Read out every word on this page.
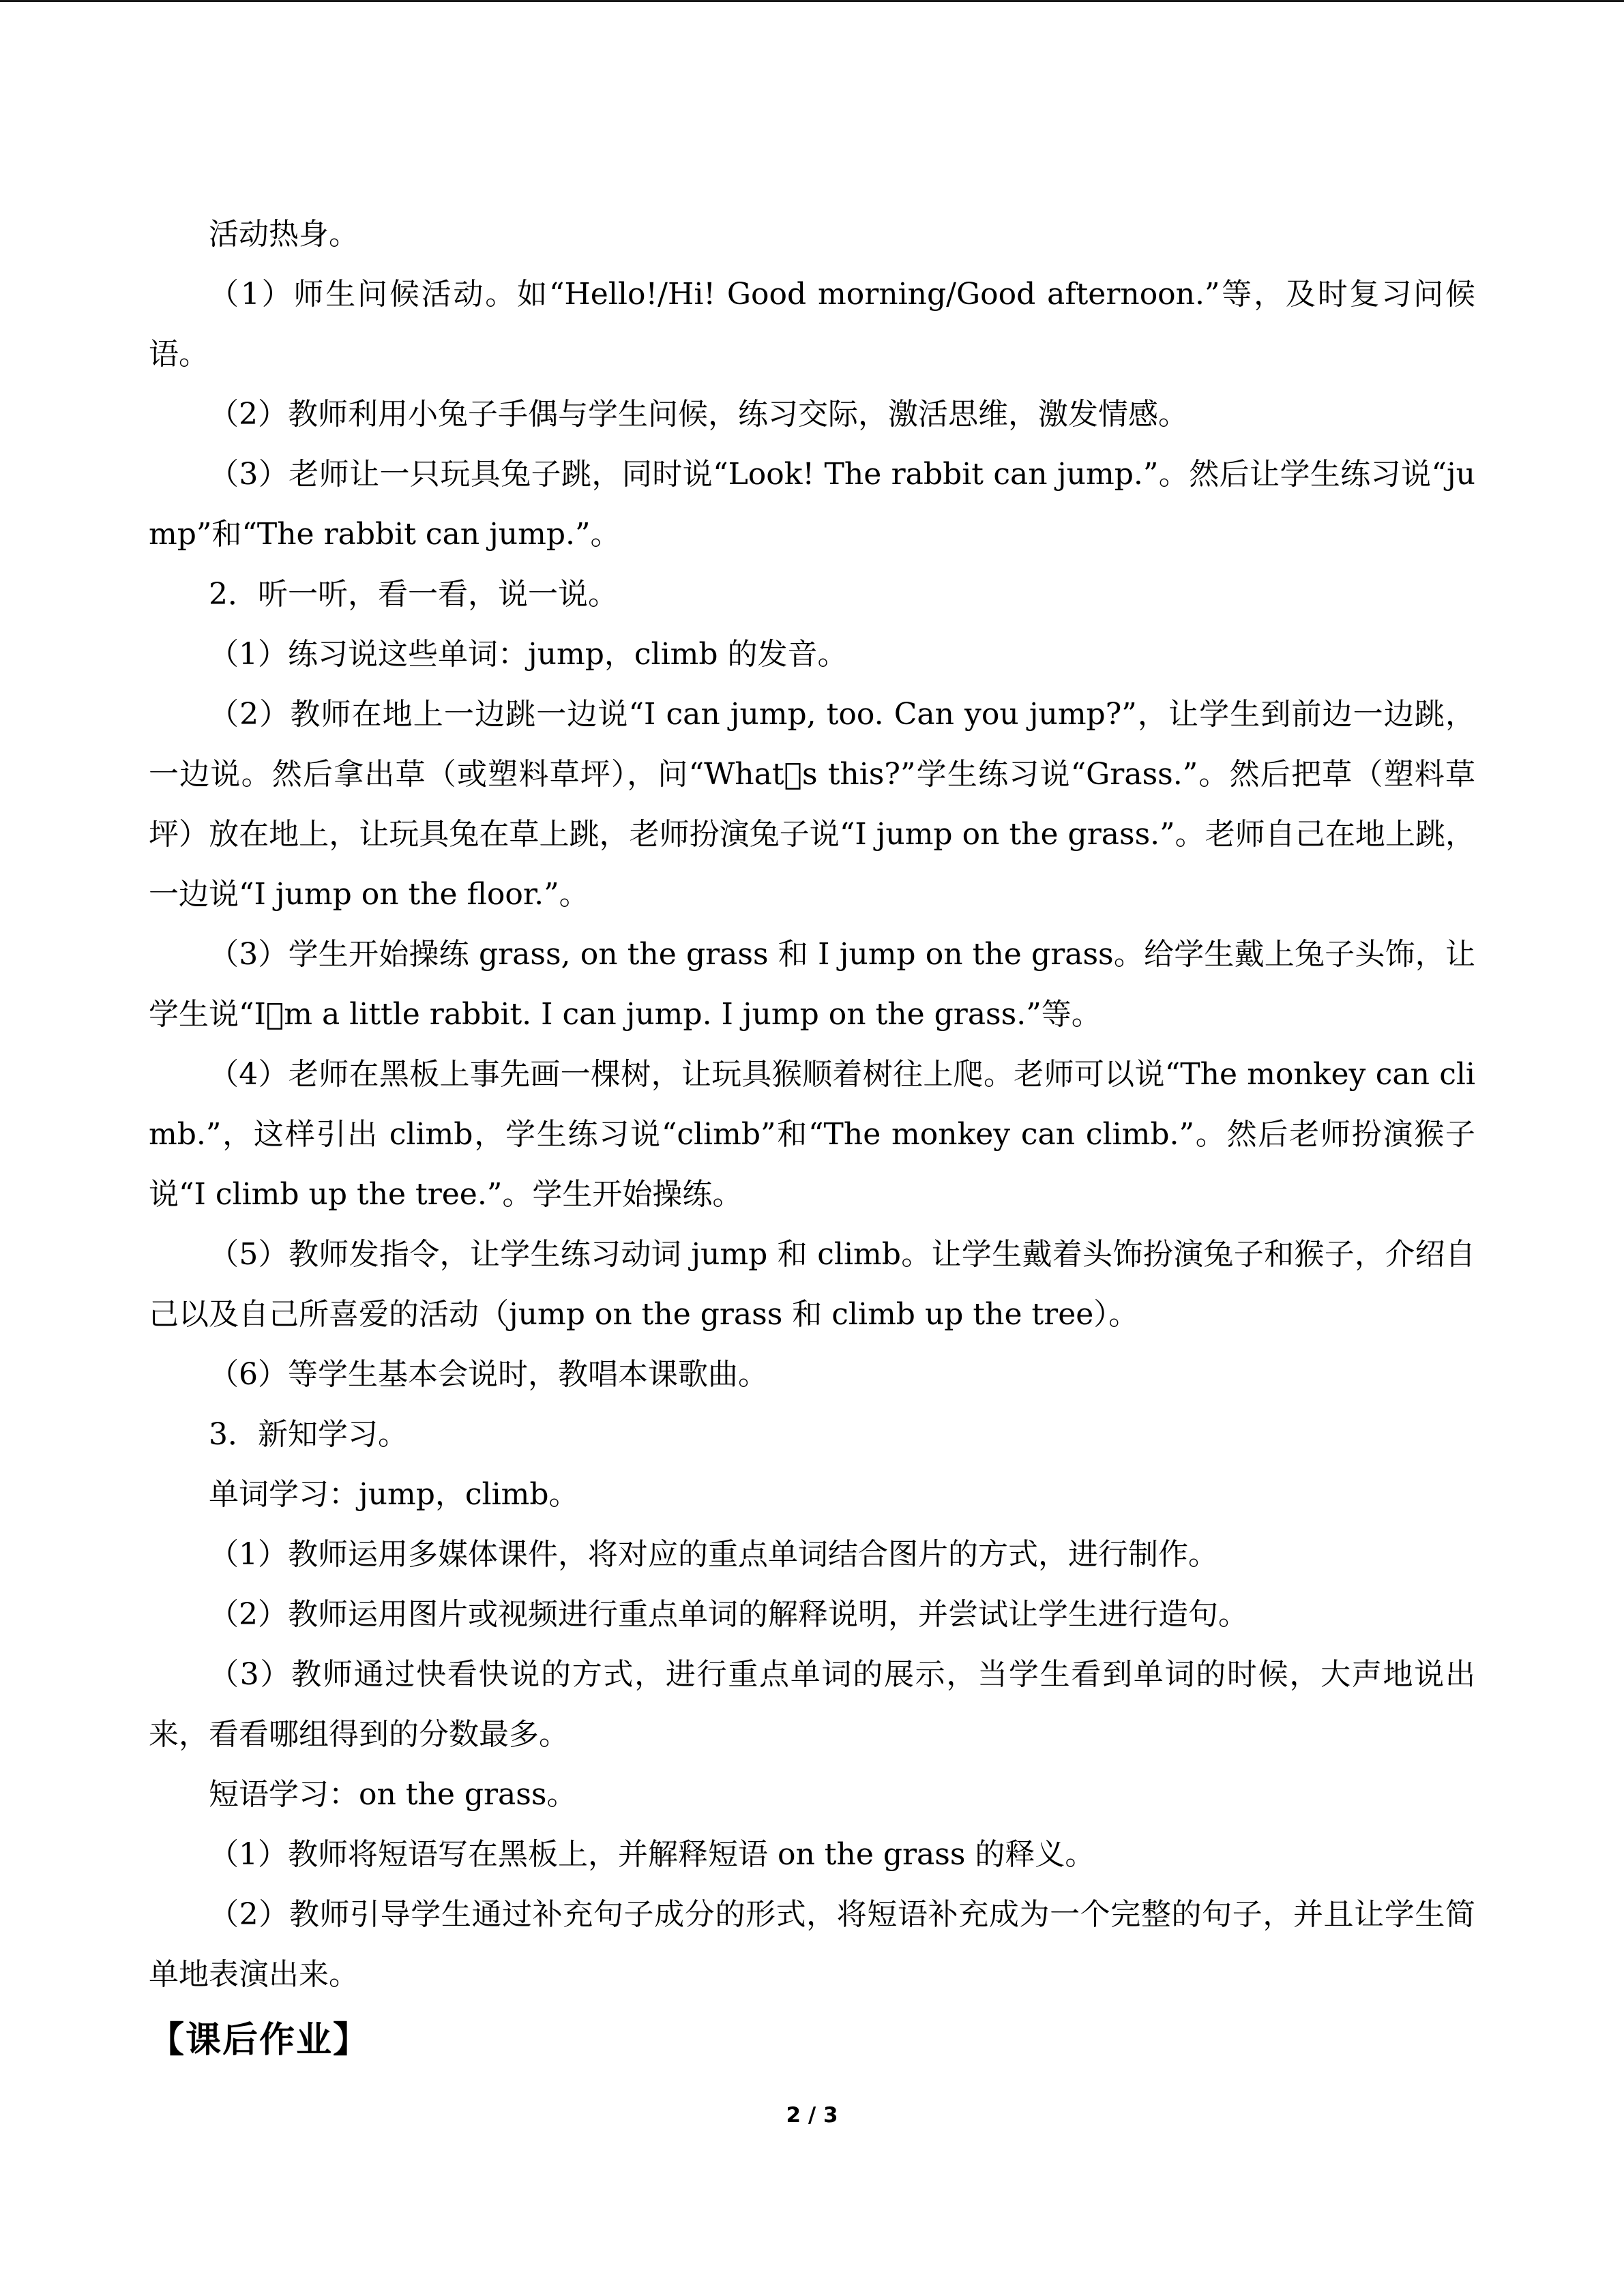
活动热身。

（1）师生问候活动。如“Hello!/Hi! Good morning/Good afternoon.”等，及时复习问候语。

（2）教师利用小兔子手偶与学生问候，练习交际，激活思维，激发情感。

（3）老师让一只玩具兔子跳，同时说“Look! The rabbit can jump.”。然后让学生练习说“jump”和“The rabbit can jump.”。

2．听一听，看一看，说一说。

（1）练习说这些单词：jump，climb 的发音。

（2）教师在地上一边跳一边说“I can jump, too. Can you jump?”，让学生到前边一边跳，一边说。然后拿出草（或塑料草坪），问“What s this?”学生练习说“Grass.”。然后把草（塑料草坪）放在地上，让玩具兔在草上跳，老师扮演兔子说“I jump on the grass.”。老师自己在地上跳，一边说“I jump on the floor.”。

（3）学生开始操练 grass, on the grass 和 I jump on the grass。给学生戴上兔子头饰，让学生说“I m a little rabbit. I can jump. I jump on the grass.”等。

（4）老师在黑板上事先画一棵树，让玩具猴顺着树往上爬。老师可以说“The monkey can climb.”，这样引出 climb，学生练习说“climb”和“The monkey can climb.”。然后老师扮演猴子说“I climb up the tree.”。学生开始操练。

（5）教师发指令，让学生练习动词 jump 和 climb。让学生戴着头饰扮演兔子和猴子，介绍自己以及自己所喜爱的活动（jump on the grass 和 climb up the tree）。

（6）等学生基本会说时，教唱本课歌曲。

3．新知学习。

单词学习：jump，climb。

（1）教师运用多媒体课件，将对应的重点单词结合图片的方式，进行制作。

（2）教师运用图片或视频进行重点单词的解释说明，并尝试让学生进行造句。

（3）教师通过快看快说的方式，进行重点单词的展示，当学生看到单词的时候，大声地说出来，看看哪组得到的分数最多。

短语学习：on the grass。

（1）教师将短语写在黑板上，并解释短语 on the grass 的释义。

（2）教师引导学生通过补充句子成分的形式，将短语补充成为一个完整的句子，并且让学生简单地表演出来。

【课后作业】
2 / 3
